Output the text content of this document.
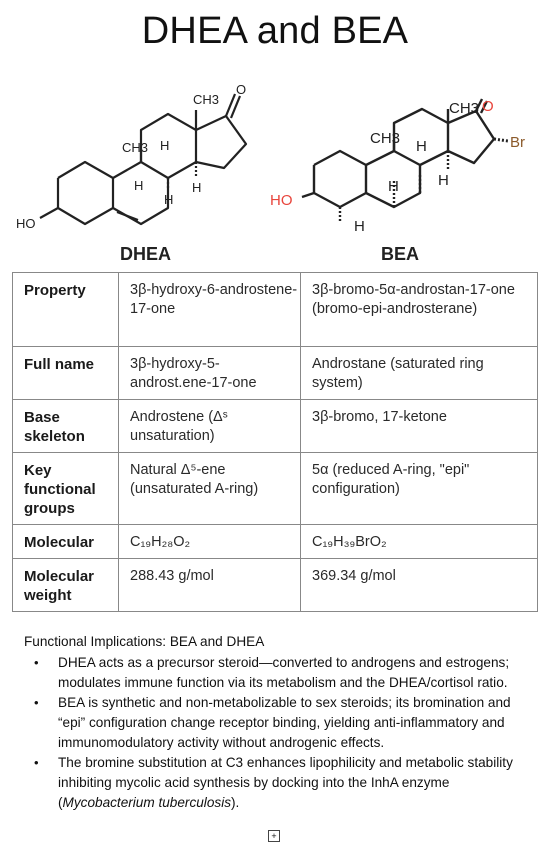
DHEA and BEA
CH3
CH3
O
H
H
H
H
HO
CH3
CH3
O
Br
H
H	H
H
HO
DHEA	BEA
Property	3β-hydroxy-6-androstene-17-one	3β-bromo-5α-androstan-17-one (bromo-epi-androsterane)
Full name	3β-hydroxy-5-androst.ene-17-one	Androstane (saturated ring system)
Base skeleton	Androstene (Δˢ unsaturation)	3β-bromo, 17-ketone
Key functional groups	Natural Δ⁵-ene (unsaturated A-ring)	5α (reduced A-ring, "epi" configuration)
Molecular	C₁₉H₂₈O₂	C₁₉H₃₉BrO₂
Molecular weight	288.43 g/mol	369.34 g/mol
Functional Implications: BEA and DHEA
• DHEA acts as a precursor steroid—converted to androgens and estrogens; modulates immune function via its metabolism and the DHEA/cortisol ratio.
• BEA is synthetic and non-metabolizable to sex steroids; its bromination and “epi” configuration change receptor binding, yielding anti-inflammatory and immunomodulatory activity without androgenic effects.
• The bromine substitution at C3 enhances lipophilicity and metabolic stability inhibiting mycolic acid synthesis by docking into the InhA enzyme (Mycobacterium tuberculosis).
+
